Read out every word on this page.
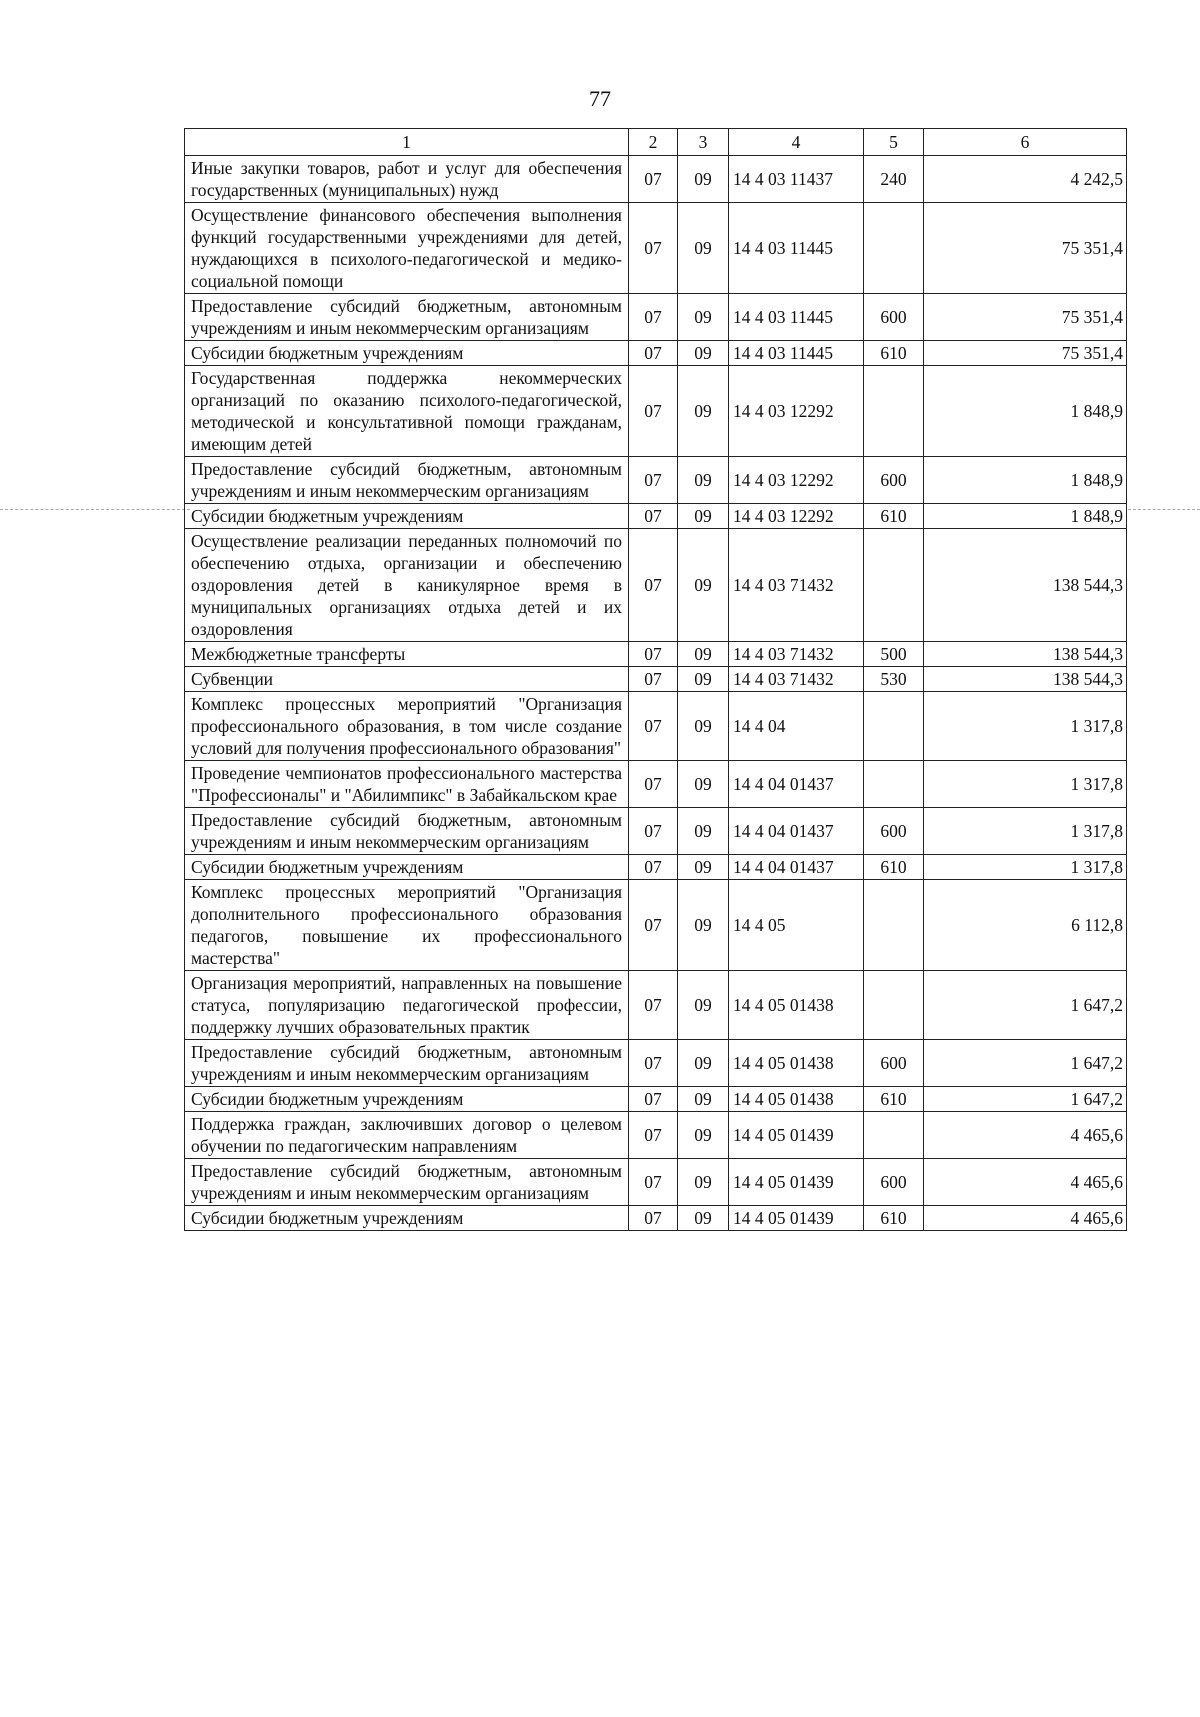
77
1	2	3	4	5	6
Иные закупки товаров, работ и услуг для обеспечения государственных (муниципальных) нужд	07	09	14 4 03 11437	240	4 242,5
Осуществление финансового обеспечения выполнения функций государственными учреждениями для детей, нуждающихся в психолого-педагогической и медико-социальной помощи	07	09	14 4 03 11445		75 351,4
Предоставление субсидий бюджетным, автономным учреждениям и иным некоммерческим организациям	07	09	14 4 03 11445	600	75 351,4
Субсидии бюджетным учреждениям	07	09	14 4 03 11445	610	75 351,4
Государственная поддержка некоммерческих организаций по оказанию психолого-педагогической, методической и консультативной помощи гражданам, имеющим детей	07	09	14 4 03 12292		1 848,9
Предоставление субсидий бюджетным, автономным учреждениям и иным некоммерческим организациям	07	09	14 4 03 12292	600	1 848,9
Субсидии бюджетным учреждениям	07	09	14 4 03 12292	610	1 848,9
Осуществление реализации переданных полномочий по обеспечению отдыха, организации и обеспечению оздоровления детей в каникулярное время в муниципальных организациях отдыха детей и их оздоровления	07	09	14 4 03 71432		138 544,3
Межбюджетные трансферты	07	09	14 4 03 71432	500	138 544,3
Субвенции	07	09	14 4 03 71432	530	138 544,3
Комплекс процессных мероприятий "Организация профессионального образования, в том числе создание условий для получения профессионального образования"	07	09	14 4 04		1 317,8
Проведение чемпионатов профессионального мастерства "Профессионалы" и "Абилимпикс" в Забайкальском крае	07	09	14 4 04 01437		1 317,8
Предоставление субсидий бюджетным, автономным учреждениям и иным некоммерческим организациям	07	09	14 4 04 01437	600	1 317,8
Субсидии бюджетным учреждениям	07	09	14 4 04 01437	610	1 317,8
Комплекс процессных мероприятий "Организация дополнительного профессионального образования педагогов, повышение их профессионального мастерства"	07	09	14 4 05		6 112,8
Организация мероприятий, направленных на повышение статуса, популяризацию педагогической профессии, поддержку лучших образовательных практик	07	09	14 4 05 01438		1 647,2
Предоставление субсидий бюджетным, автономным учреждениям и иным некоммерческим организациям	07	09	14 4 05 01438	600	1 647,2
Субсидии бюджетным учреждениям	07	09	14 4 05 01438	610	1 647,2
Поддержка граждан, заключивших договор о целевом обучении по педагогическим направлениям	07	09	14 4 05 01439		4 465,6
Предоставление субсидий бюджетным, автономным учреждениям и иным некоммерческим организациям	07	09	14 4 05 01439	600	4 465,6
Субсидии бюджетным учреждениям	07	09	14 4 05 01439	610	4 465,6
